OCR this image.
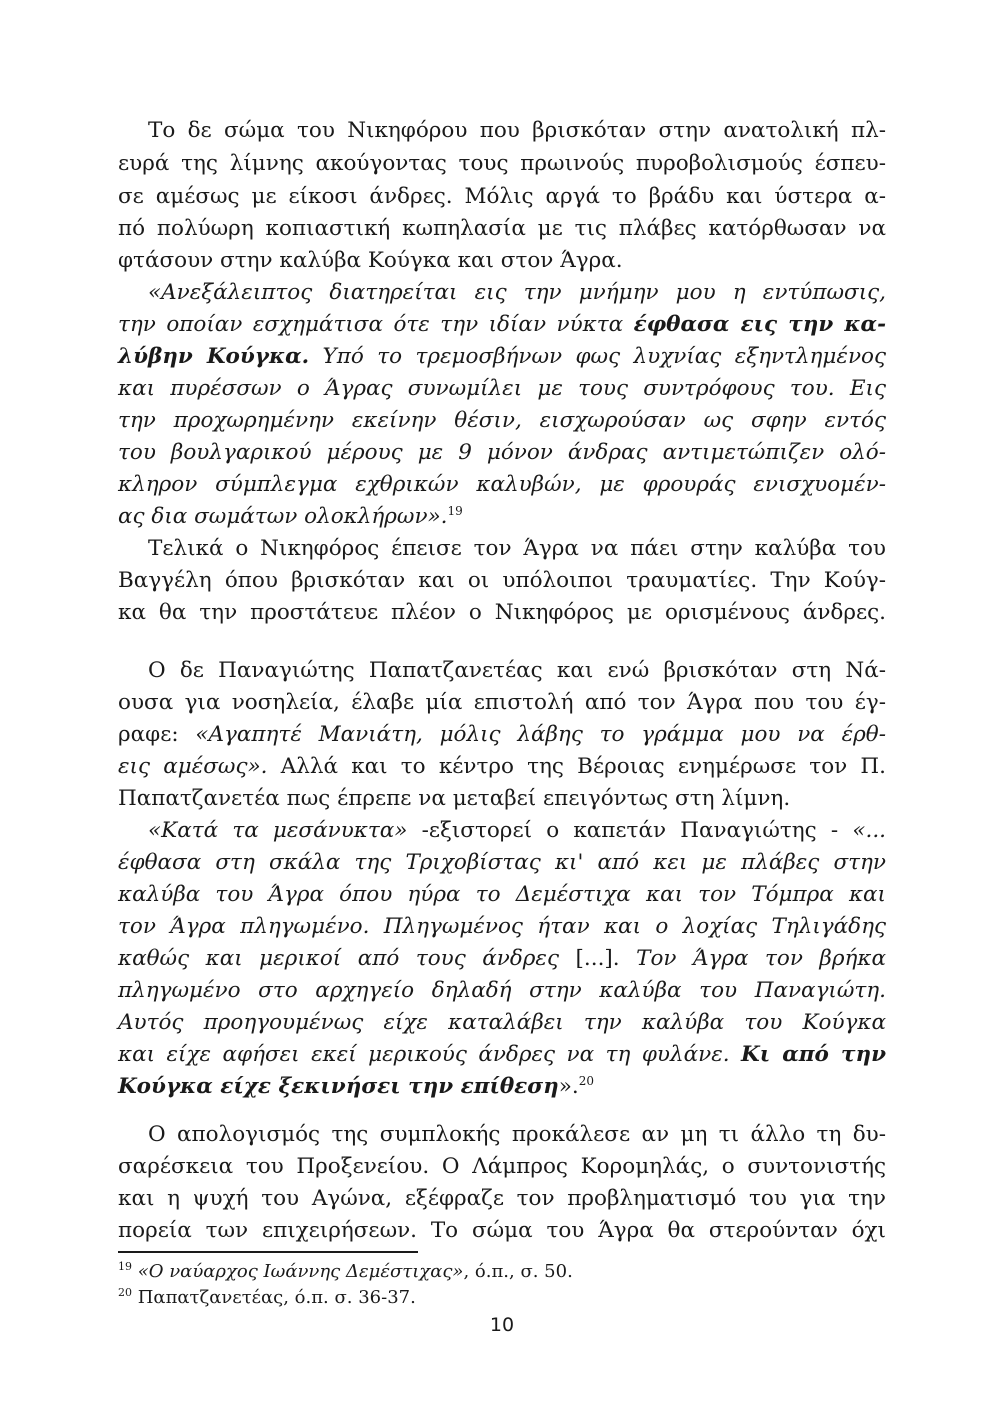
Το δε σώμα του Νικηφόρου που βρισκόταν στην ανατολική πλ-
ευρά της λίμνης ακούγοντας τους πρωινούς πυροβολισμούς έσπευ-
σε αμέσως με είκοσι άνδρες. Μόλις αργά το βράδυ και ύστερα α-
πό πολύωρη κοπιαστική κωπηλασία με τις πλάβες κατόρθωσαν να
φτάσουν στην καλύβα Κούγκα και στον Άγρα.
«Ανεξάλειπτος διατηρείται εις την μνήμην μου η εντύπωσις,
την οποίαν εσχημάτισα ότε την ιδίαν νύκτα έφθασα εις την κα-
λύβην Κούγκα. Υπό το τρεμοσβήνων φως λυχνίας εξηντλημένος
και πυρέσσων ο Άγρας συνωμίλει με τους συντρόφους του. Εις
την προχωρημένην εκείνην θέσιν, εισχωρούσαν ως σφην εντός
του βουλγαρικού μέρους με 9 μόνον άνδρας αντιμετώπιζεν ολό-
κληρον σύμπλεγμα εχθρικών καλυβών, με φρουράς ενισχυομέν-
ας δια σωμάτων ολοκλήρων».$^{19}$
Τελικά ο Νικηφόρος έπεισε τον Άγρα να πάει στην καλύβα του
Βαγγέλη όπου βρισκόταν και οι υπόλοιποι τραυματίες. Την Κούγ-
κα θα την προστάτευε πλέον ο Νικηφόρος με ορισμένους άνδρες.
Ο δε Παναγιώτης Παπατζανετέας και ενώ βρισκόταν στη Νά-
ουσα για νοσηλεία, έλαβε μία επιστολή από τον Άγρα που του έγ-
ραφε: «Αγαπητέ Μανιάτη, μόλις λάβης το γράμμα μου να έρθ-
εις αμέσως». Αλλά και το κέντρο της Βέροιας ενημέρωσε τον Π.
Παπατζανετέα πως έπρεπε να μεταβεί επειγόντως στη λίμνη.
«Κατά τα μεσάνυκτα» -εξιστορεί ο καπετάν Παναγιώτης - «...
έφθασα στη σκάλα της Τριχοβίστας κι' από κει με πλάβες στην
καλύβα του Άγρα όπου ηύρα το Δεμέστιχα και τον Τόμπρα και
τον Άγρα πληγωμένο. Πληγωμένος ήταν και ο λοχίας Τηλιγάδης
καθώς και μερικοί από τους άνδρες [...]. Τον Άγρα τον βρήκα
πληγωμένο στο αρχηγείο δηλαδή στην καλύβα του Παναγιώτη.
Αυτός προηγουμένως είχε καταλάβει την καλύβα του Κούγκα
και είχε αφήσει εκεί μερικούς άνδρες να τη φυλάνε. Κι από την
Κούγκα είχε ξεκινήσει την επίθεση».$^{20}$
Ο απολογισμός της συμπλοκής προκάλεσε αν μη τι άλλο τη δυ-
σαρέσκεια του Προξενείου. Ο Λάμπρος Κορομηλάς, ο συντονιστής
και η ψυχή του Αγώνα, εξέφραζε τον προβληματισμό του για την
πορεία των επιχειρήσεων. Το σώμα του Άγρα θα στερούνταν όχι
$^{19}$ «Ο ναύαρχος Ιωάννης Δεμέστιχας», ό.π., σ. 50.
$^{20}$ Παπατζανετέας, ό.π. σ. 36-37.
10
